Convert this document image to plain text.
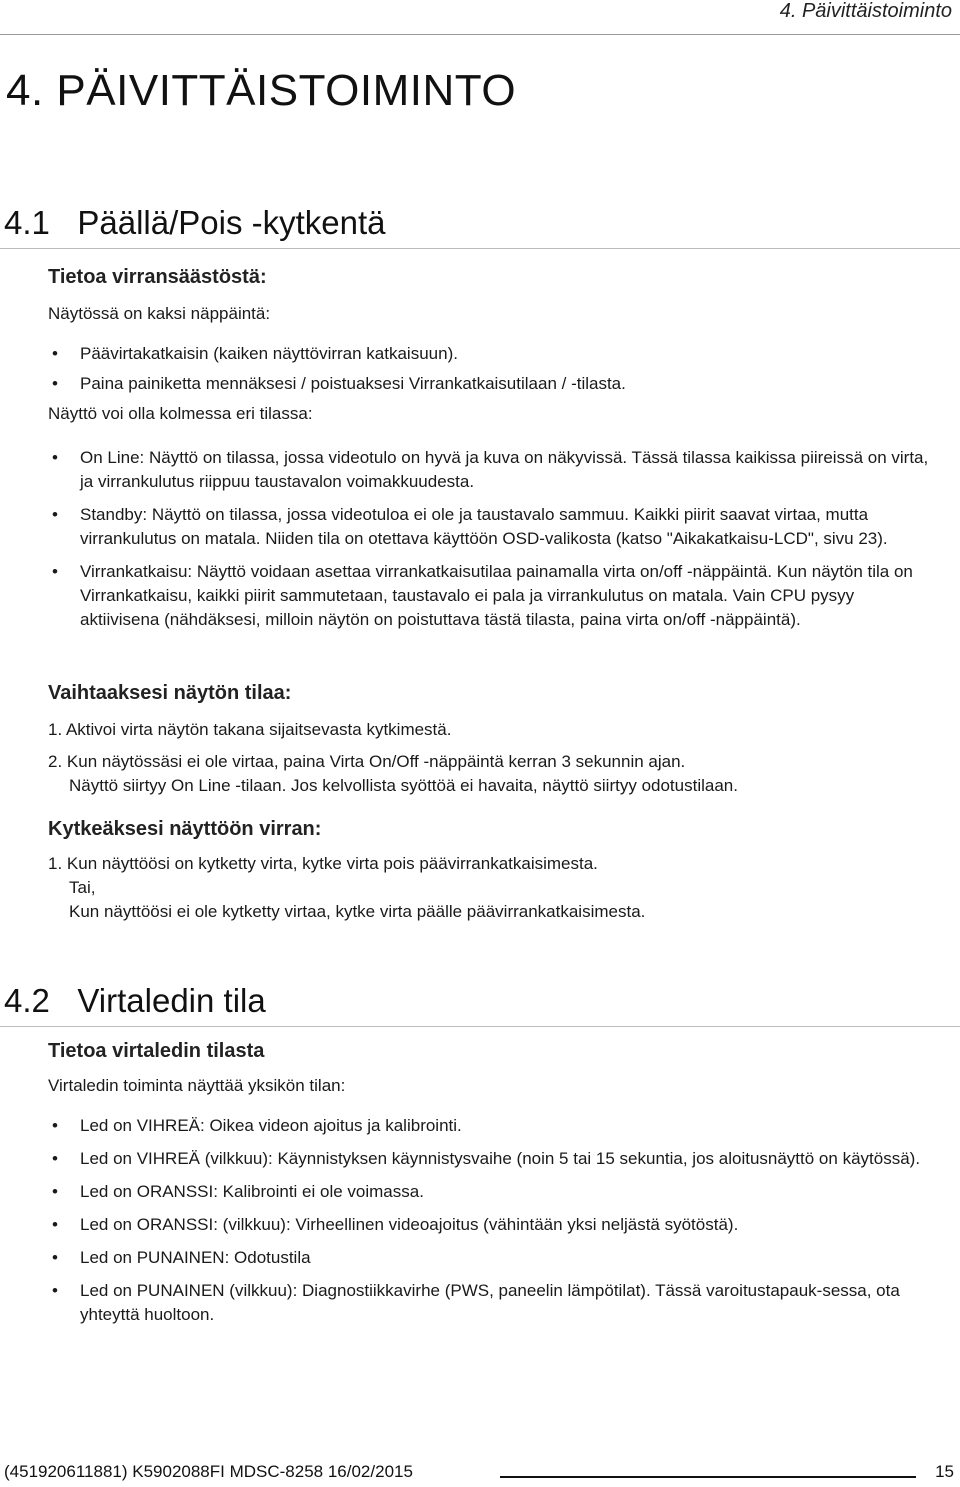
4. Päivittäistoiminto
4. PÄIVITTÄISTOIMINTO
4.1   Päällä/Pois -kytkentä
Tietoa virransäästöstä:
Näytössä on kaksi näppäintä:
• Päävirtakatkaisin (kaiken näyttövirran katkaisuun).
• Paina painiketta mennäksesi / poistuaksesi Virrankatkaisutilaan / -tilasta.
Näyttö voi olla kolmessa eri tilassa:
• On Line: Näyttö on tilassa, jossa videotulo on hyvä ja kuva on näkyvissä. Tässä tilassa kaikissa piireissä on virta, ja virrankulutus riippuu taustavalon voimakkuudesta.
• Standby: Näyttö on tilassa, jossa videotuloa ei ole ja taustavalo sammuu. Kaikki piirit saavat virtaa, mutta virrankulutus on matala. Niiden tila on otettava käyttöön OSD-valikosta (katso "Aikakatkaisu-LCD", sivu 23).
• Virrankatkaisu: Näyttö voidaan asettaa virrankatkaisutilaa painamalla virta on/off -näppäintä. Kun näytön tila on Virrankatkaisu, kaikki piirit sammutetaan, taustavalo ei pala ja virrankulutus on matala. Vain CPU pysyy aktiivisena (nähdäksesi, milloin näytön on poistuttava tästä tilasta, paina virta on/off -näppäintä).
Vaihtaaksesi näytön tilaa:
1. Aktivoi virta näytön takana sijaitsevasta kytkimestä.
2. Kun näytössäsi ei ole virtaa, paina Virta On/Off -näppäintä kerran 3 sekunnin ajan.
Näyttö siirtyy On Line -tilaan. Jos kelvollista syöttöä ei havaita, näyttö siirtyy odotustilaan.
Kytkeäksesi näyttöön virran:
1. Kun näyttöösi on kytketty virta, kytke virta pois päävirrankatkaisimesta.
Tai,
Kun näyttöösi ei ole kytketty virtaa, kytke virta päälle päävirrankatkaisimesta.
4.2   Virtaledin tila
Tietoa virtaledin tilasta
Virtaledin toiminta näyttää yksikön tilan:
• Led on VIHREÄ: Oikea videon ajoitus ja kalibrointi.
• Led on VIHREÄ (vilkkuu): Käynnistyksen käynnistysvaihe (noin 5 tai 15 sekuntia, jos aloitusnäyttö on käytössä).
• Led on ORANSSI: Kalibrointi ei ole voimassa.
• Led on ORANSSI: (vilkkuu): Virheellinen videoajoitus (vähintään yksi neljästä syötöstä).
• Led on PUNAINEN: Odotustila
• Led on PUNAINEN (vilkkuu): Diagnostiikkavirhe (PWS, paneelin lämpötilat). Tässä varoitustapauk-sessa, ota yhteyttä huoltoon.
(451920611881) K5902088FI MDSC-8258 16/02/2015	15
